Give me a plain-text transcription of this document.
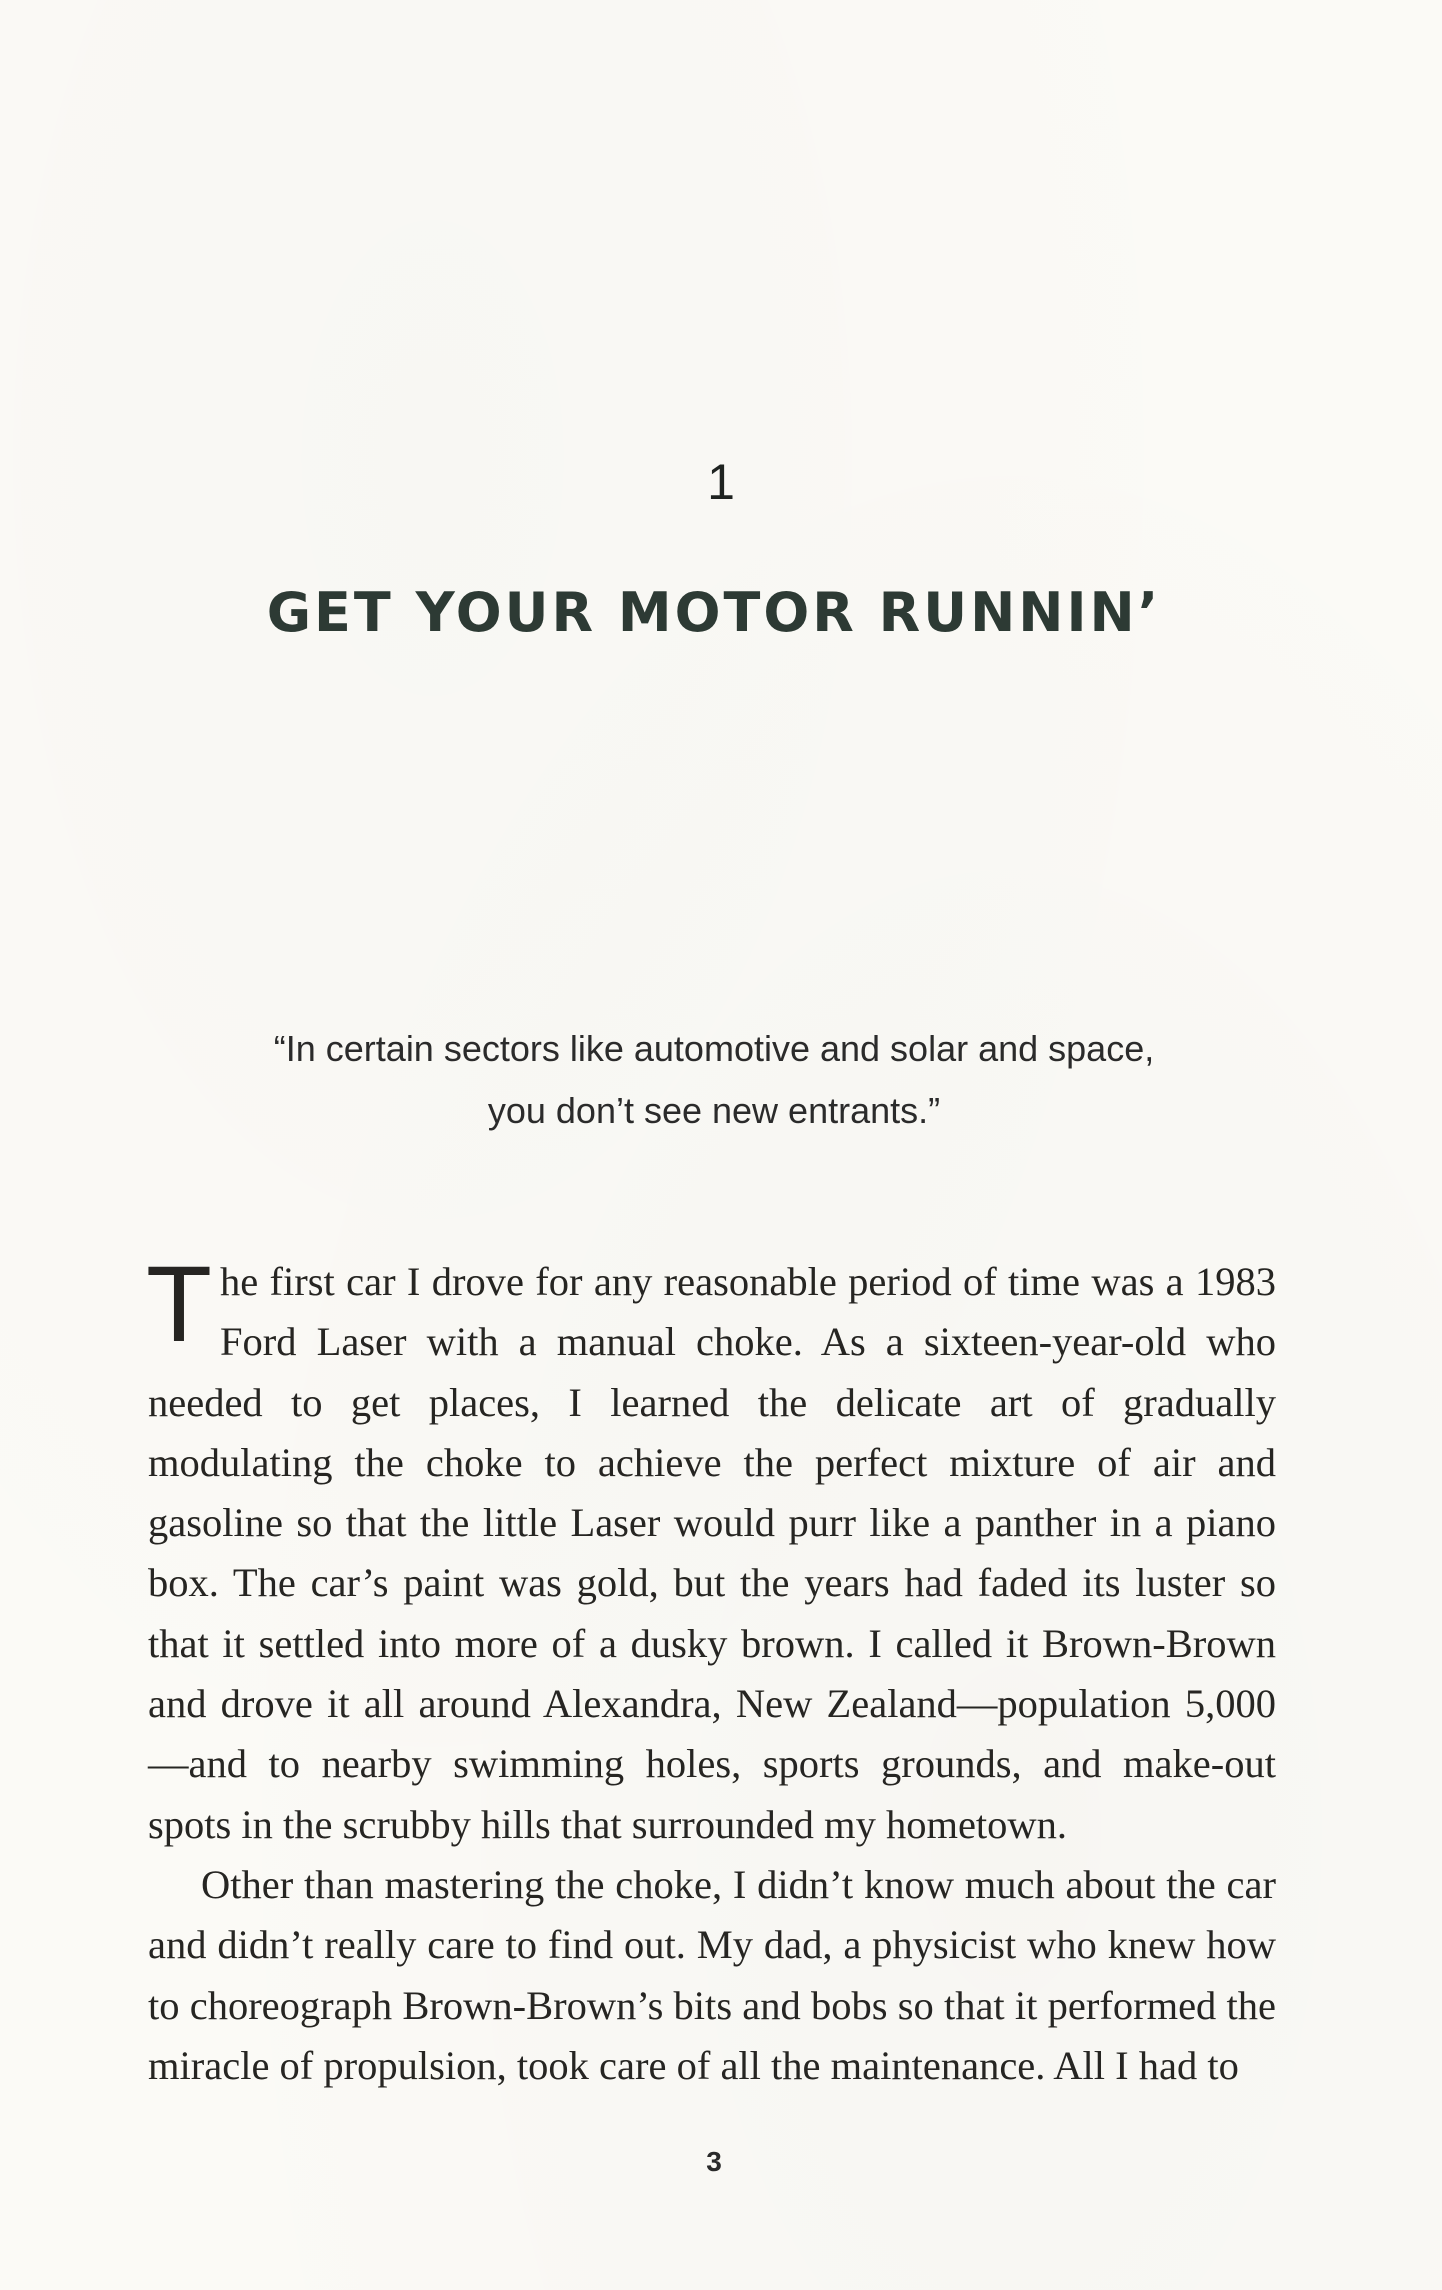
1
GET YOUR MOTOR RUNNIN’
“In certain sectors like automotive and solar and space,
you don’t see new entrants.”

The first car I drove for any reasonable period of time was a 1983 Ford Laser with a manual choke. As a sixteen-year-old who needed to get places, I learned the delicate art of gradually modulating the choke to achieve the perfect mixture of air and gasoline so that the little Laser would purr like a panther in a piano box. The car’s paint was gold, but the years had faded its luster so that it settled into more of a dusky brown. I called it Brown-Brown and drove it all around Alexandra, New Zealand—population 5,000—and to nearby swimming holes, sports grounds, and make-out spots in the scrubby hills that surrounded my hometown.

Other than mastering the choke, I didn’t know much about the car and didn’t really care to find out. My dad, a physicist who knew how to choreograph Brown-Brown’s bits and bobs so that it performed the miracle of propulsion, took care of all the maintenance. All I had to

3
